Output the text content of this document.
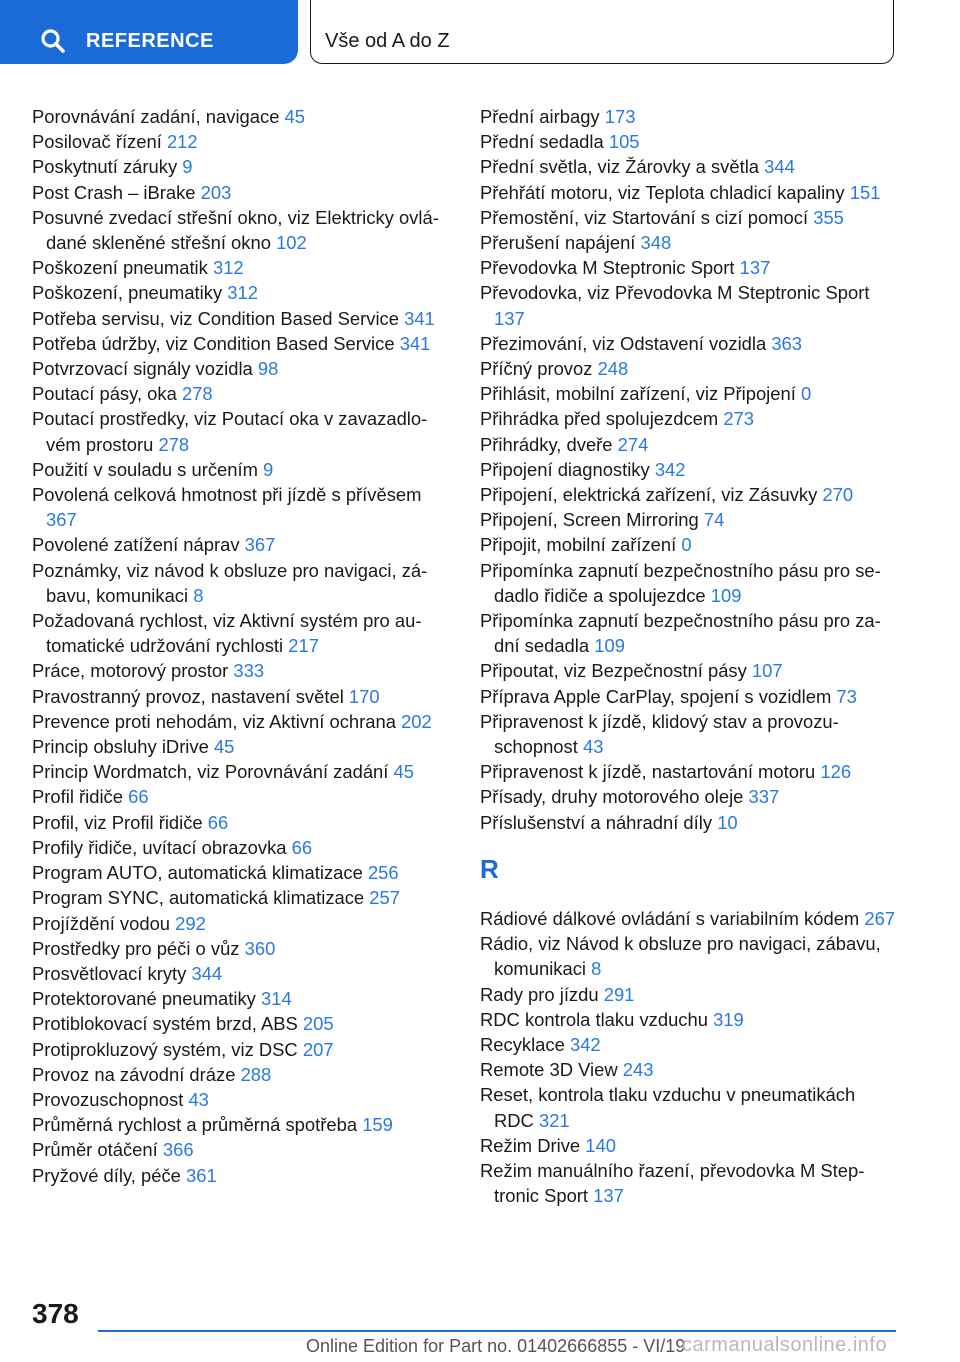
REFERENCE	Vše od A do Z
Porovnávání zadání, navigace 45
Posilovač řízení 212
Poskytnutí záruky 9
Post Crash – iBrake 203
Posuvné zvedací střešní okno, viz Elektricky ovládané skleněné střešní okno 102
Poškození pneumatik 312
Poškození, pneumatiky 312
Potřeba servisu, viz Condition Based Service 341
Potřeba údržby, viz Condition Based Service 341
Potvrzovací signály vozidla 98
Poutací pásy, oka 278
Poutací prostředky, viz Poutací oka v zavazadlovém prostoru 278
Použití v souladu s určením 9
Povolená celková hmotnost při jízdě s přívěsem 367
Povolené zatížení náprav 367
Poznámky, viz návod k obsluze pro navigaci, zábavu, komunikaci 8
Požadovaná rychlost, viz Aktivní systém pro automatické udržování rychlosti 217
Práce, motorový prostor 333
Pravostranný provoz, nastavení světel 170
Prevence proti nehodám, viz Aktivní ochrana 202
Princip obsluhy iDrive 45
Princip Wordmatch, viz Porovnávání zadání 45
Profil řidiče 66
Profil, viz Profil řidiče 66
Profily řidiče, uvítací obrazovka 66
Program AUTO, automatická klimatizace 256
Program SYNC, automatická klimatizace 257
Projíždění vodou 292
Prostředky pro péči o vůz 360
Prosvětlovací kryty 344
Protektorované pneumatiky 314
Protiblokovací systém brzd, ABS 205
Protiprokluzový systém, viz DSC 207
Provoz na závodní dráze 288
Provozuschopnost 43
Průměrná rychlost a průměrná spotřeba 159
Průměr otáčení 366
Pryžové díly, péče 361
Přední airbagy 173
Přední sedadla 105
Přední světla, viz Žárovky a světla 344
Přehřátí motoru, viz Teplota chladicí kapaliny 151
Přemostění, viz Startování s cizí pomocí 355
Přerušení napájení 348
Převodovka M Steptronic Sport 137
Převodovka, viz Převodovka M Steptronic Sport 137
Přezimování, viz Odstavení vozidla 363
Příčný provoz 248
Přihlásit, mobilní zařízení, viz Připojení 0
Přihrádka před spolujezdcem 273
Přihrádky, dveře 274
Připojení diagnostiky 342
Připojení, elektrická zařízení, viz Zásuvky 270
Připojení, Screen Mirroring 74
Připojit, mobilní zařízení 0
Připomínka zapnutí bezpečnostního pásu pro sedadlo řidiče a spolujezdce 109
Připomínka zapnutí bezpečnostního pásu pro zadní sedadla 109
Připoutat, viz Bezpečnostní pásy 107
Příprava Apple CarPlay, spojení s vozidlem 73
Připravenost k jízdě, klidový stav a provozuschopnost 43
Připravenost k jízdě, nastartování motoru 126
Přísady, druhy motorového oleje 337
Příslušenství a náhradní díly 10
R
Rádiové dálkové ovládání s variabilním kódem 267
Rádio, viz Návod k obsluze pro navigaci, zábavu, komunikaci 8
Rady pro jízdu 291
RDC kontrola tlaku vzduchu 319
Recyklace 342
Remote 3D View 243
Reset, kontrola tlaku vzduchu v pneumatikách RDC 321
Režim Drive 140
Režim manuálního řazení, převodovka M Steptronic Sport 137
378
Online Edition for Part no. 01402666855 - VI/19
carmanualsonline.info
